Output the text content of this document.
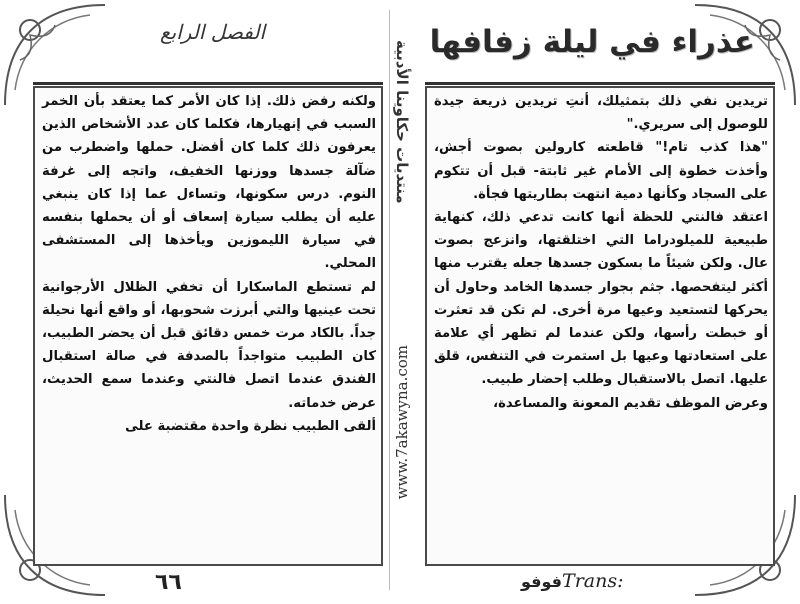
عذراء في ليلة زفافها
الفصل الرابع

ولكنه رفض ذلك. إذا كان الأمر كما يعتقد بأن الخمر السبب في إنهيارها، فكلما كان عدد الأشخاص الذين يعرفون ذلك كلما كان أفضل. حملها واضطرب من ضآلة جسدها ووزنها الخفيف، واتجه إلى غرفة النوم. درس سكونها، وتساءل عما إذا كان ينبغي عليه أن يطلب سيارة إسعاف أو أن يحملها بنفسه في سيارة الليموزين ويأخذها إلى المستشفى المحلي.

لم تستطع الماسكارا أن تخفي الظلال الأرجوانية تحت عينيها والتي أبرزت شحوبها، أو واقع أنها نحيلة جداً. بالكاد مرت خمس دقائق قبل أن يحضر الطبيب، كان الطبيب متواجداً بالصدفة في صالة استقبال الفندق عندما اتصل فالنتي وعندما سمع الحديث، عرض خدماته.

ألقى الطبيب نظرة واحدة مقتضبة على

تريدين نفي ذلك بتمثيلك، أنتِ تريدين ذريعة جيدة للوصول إلى سريري."

"هذا كذب تام!" قاطعته كارولين بصوت أجش، وأخذت خطوة إلى الأمام غير ثابتة- قبل أن تتكوم على السجاد وكأنها دمية انتهت بطاريتها فجأة.

اعتقد فالنتي للحظة أنها كانت تدعي ذلك، كنهاية طبيعية للميلودراما التي اختلقتها، وانزعج بصوت عال. ولكن شيئاً ما بسكون جسدها جعله يقترب منها أكثر ليتفحصها. جثم بجوار جسدها الخامد وحاول أن يحركها لتستعيد وعيها مرة أخرى. لم تكن قد تعثرت أو خبطت رأسها، ولكن عندما لم تظهر أي علامة على استعادتها وعيها بل استمرت في التنفس، قلق عليها. اتصل بالاستقبال وطلب إحضار طبيب.

وعرض الموظف تقديم المعونة والمساعدة،

منتديات حكاوينا الأدبية
www.7akawyna.com
٦٦	فوفوTrans:
